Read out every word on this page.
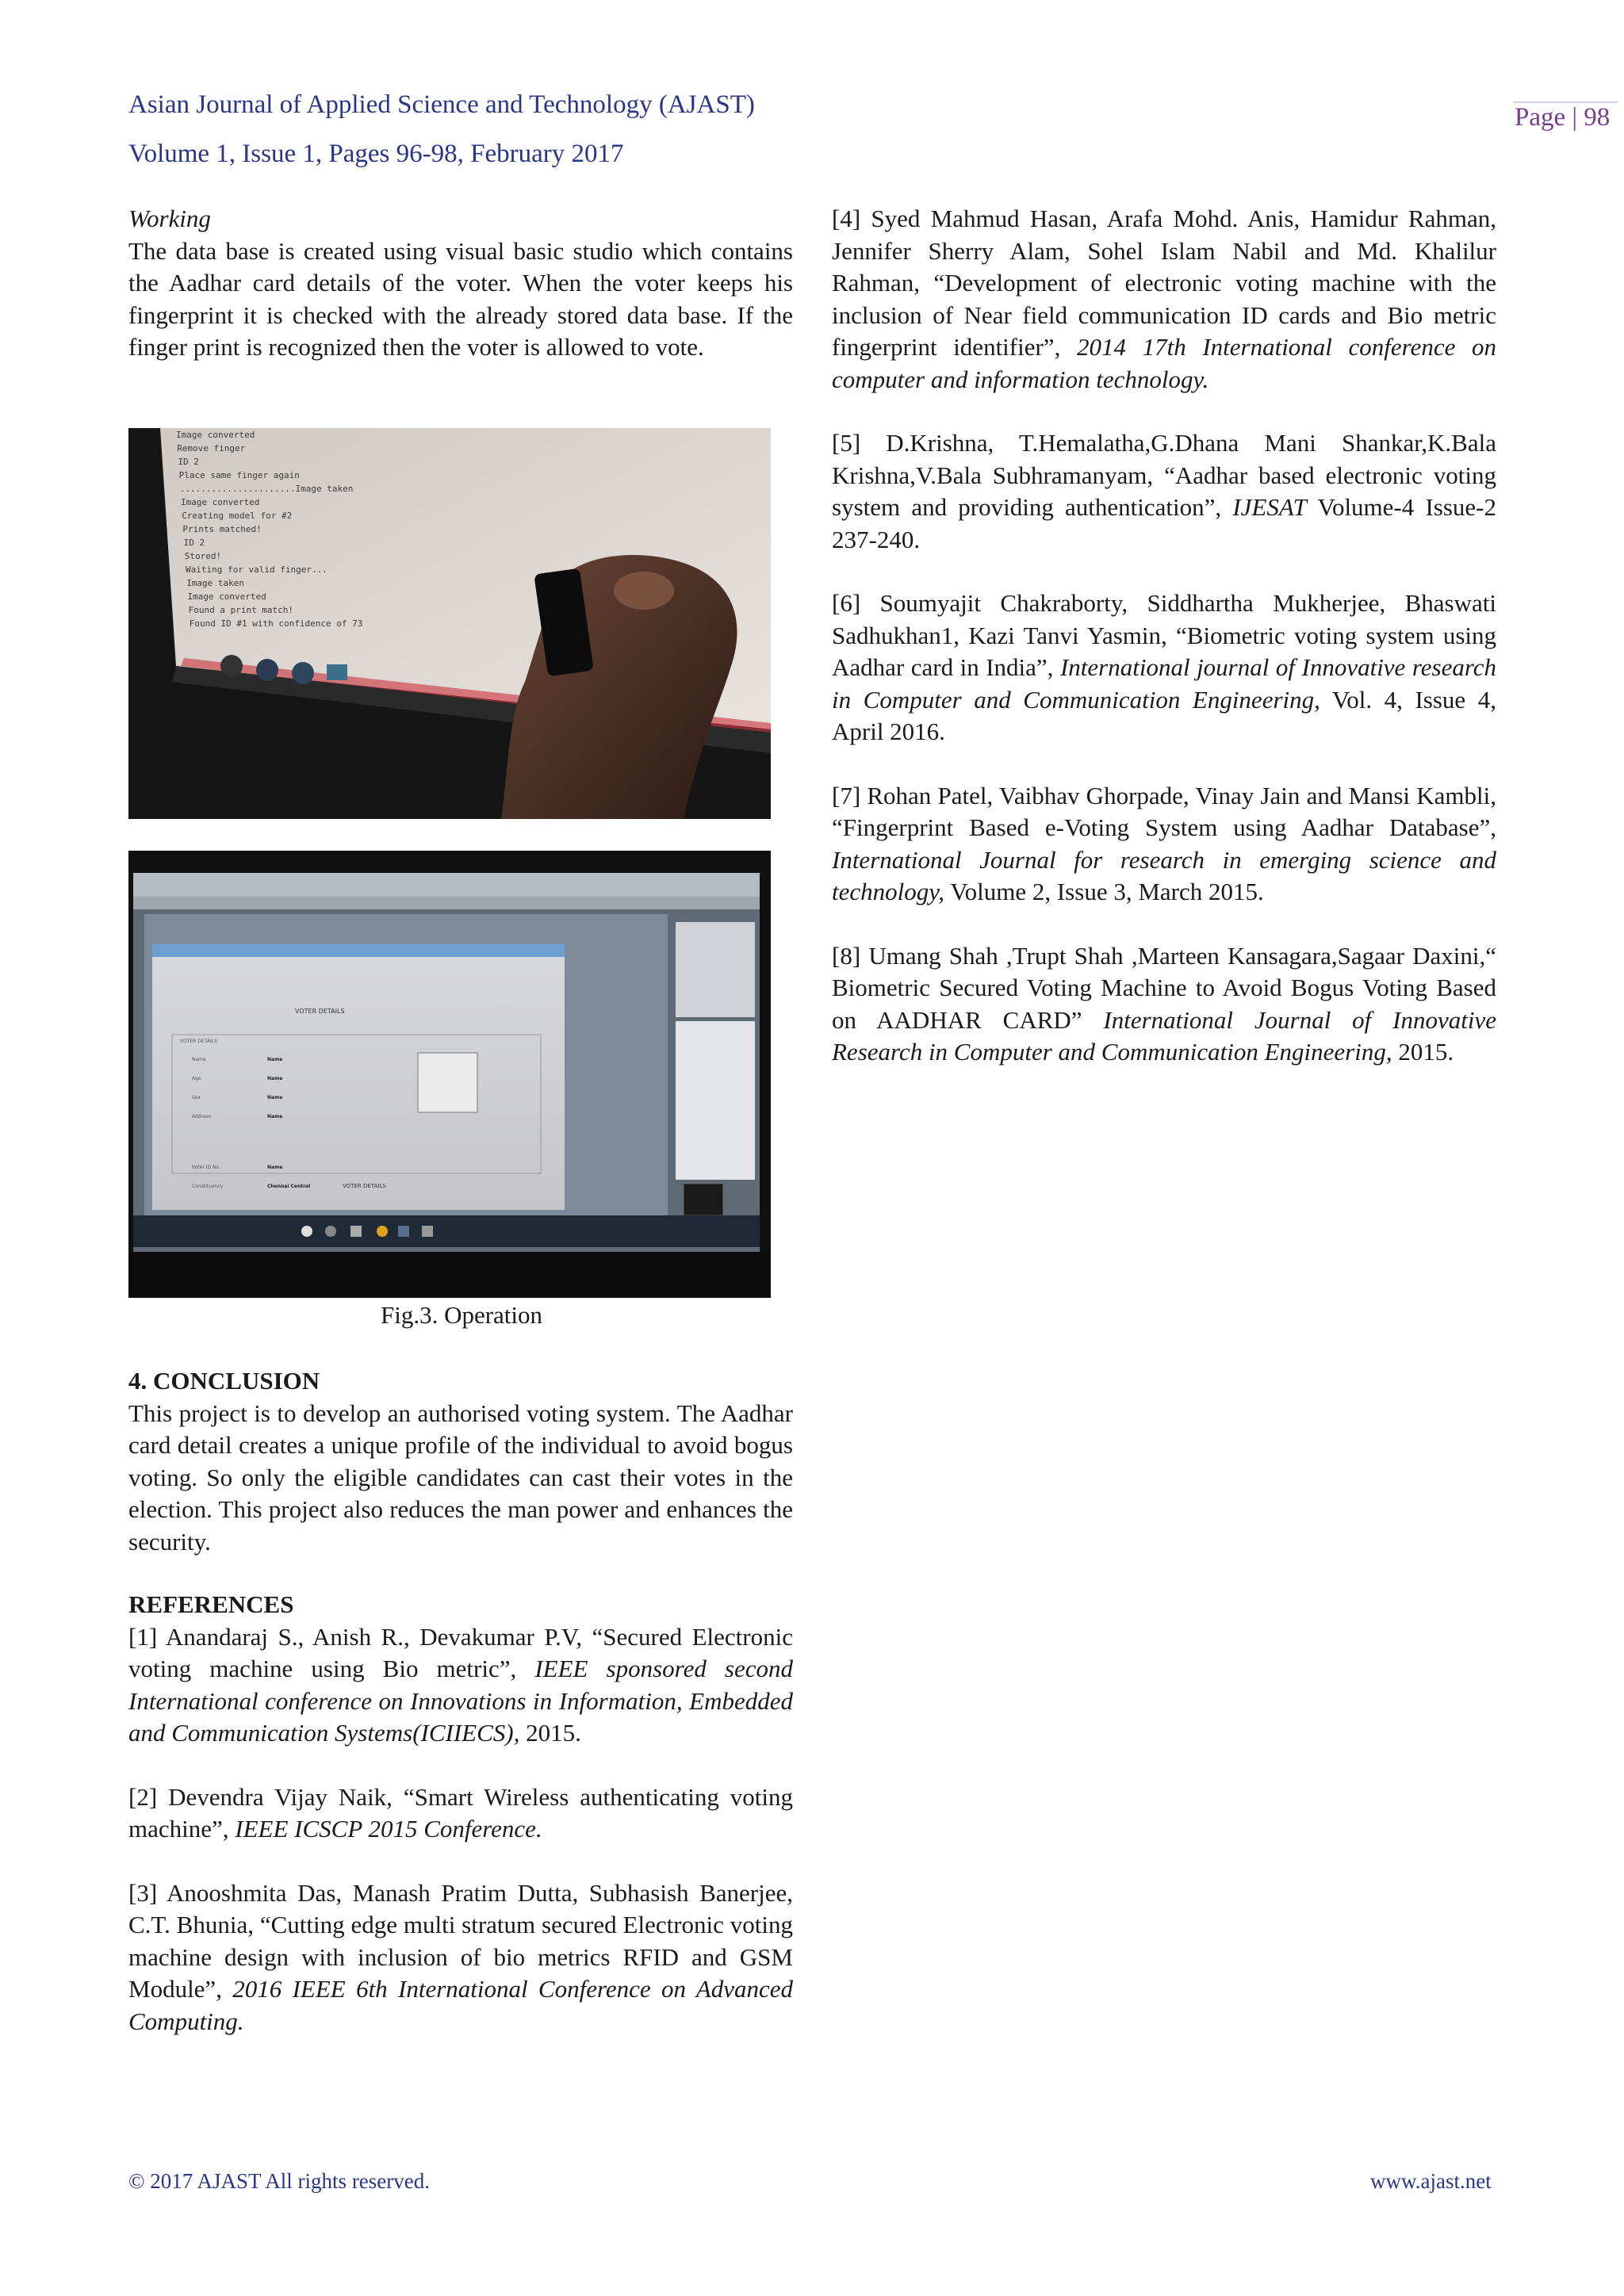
Asian Journal of Applied Science and Technology (AJAST)
Volume 1, Issue 1, Pages 96-98, February 2017
Page | 98

Working

The data base is created using visual basic studio which contains the Aadhar card details of the voter. When the voter keeps his fingerprint it is checked with the already stored data base. If the finger print is recognized then the voter is allowed to vote.

Image converted
Remove finger
ID 2
Place same finger again
......................Image taken
Image converted
Creating model for #2
Prints matched!
ID 2
Stored!
Waiting for valid finger...
Image taken
Image converted
Found a print match!
Found ID #1 with confidence of 73
VOTER DETAILS
VOTER DETAILS
Name	Name
Age	Name
Sex	Name
Address	Name
Voter ID No	Name
Constituency	Chennai Central	VOTER DETAILS
Fig.3. Operation

4. CONCLUSION

This project is to develop an authorised voting system. The Aadhar card detail creates a unique profile of the individual to avoid bogus voting. So only the eligible candidates can cast their votes in the election. This project also reduces the man power and enhances the security.

REFERENCES

[1] Anandaraj S., Anish R., Devakumar P.V, “Secured Electronic voting machine using Bio metric”, IEEE sponsored second International conference on Innovations in Information, Embedded and Communication Systems(ICIIECS), 2015.

[2] Devendra Vijay Naik, “Smart Wireless authenticating voting machine”, IEEE ICSCP 2015 Conference.

[3] Anooshmita Das, Manash Pratim Dutta, Subhasish Banerjee, C.T. Bhunia, “Cutting edge multi stratum secured Electronic voting machine design with inclusion of bio metrics RFID and GSM Module”, 2016 IEEE 6th International Conference on Advanced Computing.

[4] Syed Mahmud Hasan, Arafa Mohd. Anis, Hamidur Rahman, Jennifer Sherry Alam, Sohel Islam Nabil and Md. Khalilur Rahman, “Development of electronic voting machine with the inclusion of Near field communication ID cards and Bio metric fingerprint identifier”, 2014 17th International conference on computer and information technology.

[5] D.Krishna, T.Hemalatha,G.Dhana Mani Shankar,K.Bala Krishna,V.Bala Subhramanyam, “Aadhar based electronic voting system and providing authentication”, IJESAT Volume-4 Issue-2 237-240.

[6] Soumyajit Chakraborty, Siddhartha Mukherjee, Bhaswati Sadhukhan1, Kazi Tanvi Yasmin, “Biometric voting system using Aadhar card in India”, International journal of Innovative research in Computer and Communication Engineering, Vol. 4, Issue 4, April 2016.

[7] Rohan Patel, Vaibhav Ghorpade, Vinay Jain and Mansi Kambli, “Fingerprint Based e-Voting System using Aadhar Database”, International Journal for research in emerging science and technology, Volume 2, Issue 3, March 2015.

[8] Umang Shah ,Trupt Shah ,Marteen Kansagara,Sagaar Daxini,“ Biometric Secured Voting Machine to Avoid Bogus Voting Based on AADHAR CARD” International Journal of Innovative Research in Computer and Communication Engineering, 2015.

© 2017 AJAST All rights reserved.	www.ajast.net
